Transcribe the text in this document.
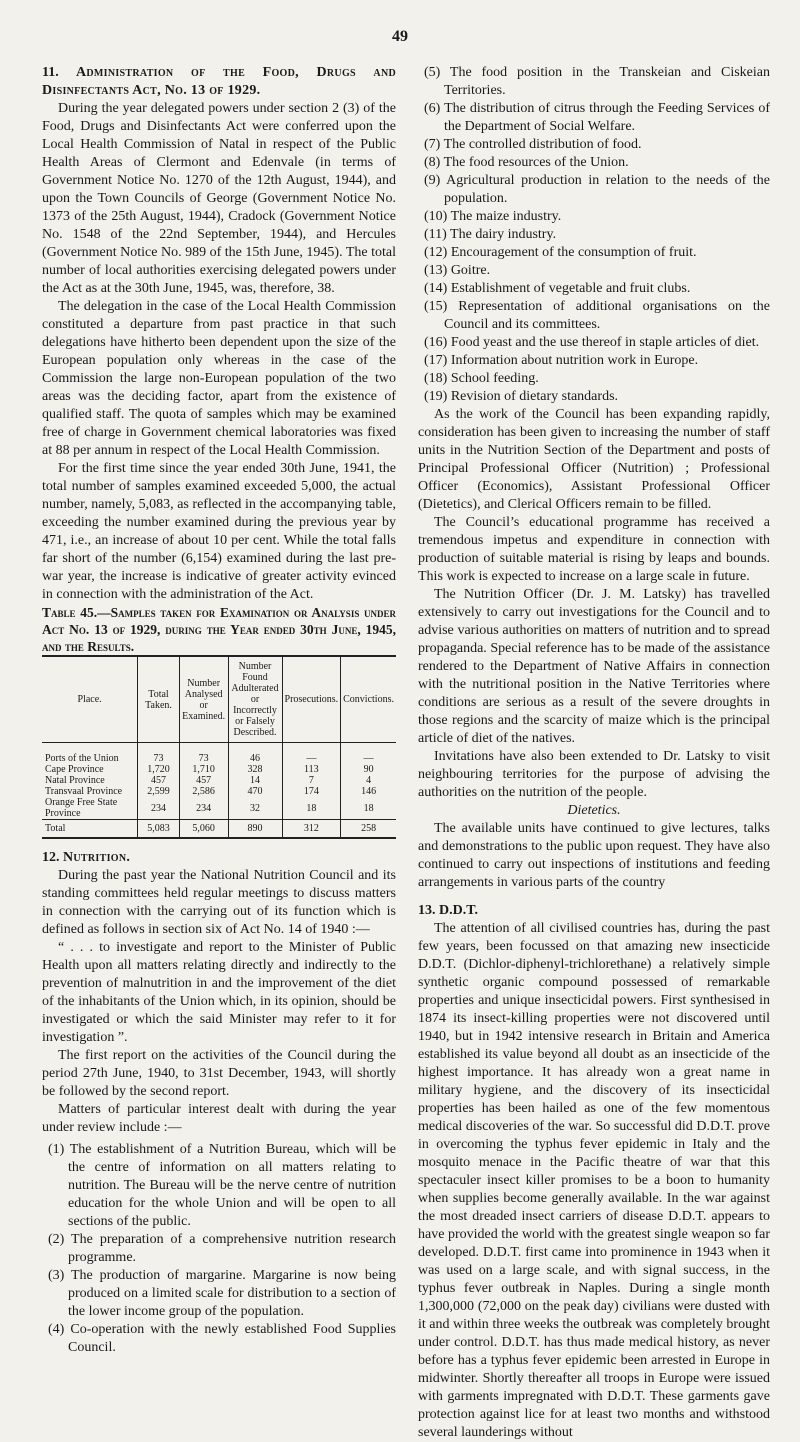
49

11. Administration of the Food, Drugs and Disinfectants Act, No. 13 of 1929.

During the year delegated powers under section 2 (3) of the Food, Drugs and Disinfectants Act were conferred upon the Local Health Commission of Natal in respect of the Public Health Areas of Clermont and Edenvale (in terms of Government Notice No. 1270 of the 12th August, 1944), and upon the Town Councils of George (Government Notice No. 1373 of the 25th August, 1944), Cradock (Government Notice No. 1548 of the 22nd September, 1944), and Hercules (Government Notice No. 989 of the 15th June, 1945). The total number of local authorities exercising delegated powers under the Act as at the 30th June, 1945, was, therefore, 38.

The delegation in the case of the Local Health Commission constituted a departure from past practice in that such delegations have hitherto been dependent upon the size of the European population only whereas in the case of the Commission the large non-European population of the two areas was the deciding factor, apart from the existence of qualified staff. The quota of samples which may be examined free of charge in Government chemical laboratories was fixed at 88 per annum in respect of the Local Health Commission.

For the first time since the year ended 30th June, 1941, the total number of samples examined exceeded 5,000, the actual number, namely, 5,083, as reflected in the accompanying table, exceeding the number examined during the previous year by 471, i.e., an increase of about 10 per cent. While the total falls far short of the number (6,154) examined during the last pre-war year, the increase is indicative of greater activity evinced in connection with the administration of the Act.

Table 45.—Samples taken for Examination or Analysis under Act No. 13 of 1929, during the Year ended 30th June, 1945, and the Results.

Place.	Total Taken.	Number Analysed or Examined.	Number Found Adulterated or Incorrectly or Falsely Described.	Prosecutions.	Convictions.
Ports of the Union	73	73	46	—	—
Cape Province	1,720	1,710	328	113	90
Natal Province	457	457	14	7	4
Transvaal Province	2,599	2,586	470	174	146
Orange Free State Province	234	234	32	18	18
Total	5,083	5,060	890	312	258

12. Nutrition.

During the past year the National Nutrition Council and its standing committees held regular meetings to discuss matters in connection with the carrying out of its function which is defined as follows in section six of Act No. 14 of 1940 :—

“ . . . to investigate and report to the Minister of Public Health upon all matters relating directly and indirectly to the prevention of malnutrition in and the improvement of the diet of the inhabitants of the Union which, in its opinion, should be investigated or which the said Minister may refer to it for investigation ”.

The first report on the activities of the Council during the period 27th June, 1940, to 31st December, 1943, will shortly be followed by the second report.

Matters of particular interest dealt with during the year under review include :—

(1) The establishment of a Nutrition Bureau, which will be the centre of information on all matters relating to nutrition. The Bureau will be the nerve centre of nutrition education for the whole Union and will be open to all sections of the public.
(2) The preparation of a comprehensive nutrition research programme.
(3) The production of margarine. Margarine is now being produced on a limited scale for distribution to a section of the lower income group of the population.
(4) Co-operation with the newly established Food Supplies Council.
(5) The food position in the Transkeian and Ciskeian Territories.
(6) The distribution of citrus through the Feeding Services of the Department of Social Welfare.
(7) The controlled distribution of food.
(8) The food resources of the Union.
(9) Agricultural production in relation to the needs of the population.
(10) The maize industry.
(11) The dairy industry.
(12) Encouragement of the consumption of fruit.
(13) Goitre.
(14) Establishment of vegetable and fruit clubs.
(15) Representation of additional organisations on the Council and its committees.
(16) Food yeast and the use thereof in staple articles of diet.
(17) Information about nutrition work in Europe.
(18) School feeding.
(19) Revision of dietary standards.

As the work of the Council has been expanding rapidly, consideration has been given to increasing the number of staff units in the Nutrition Section of the Department and posts of Principal Professional Officer (Nutrition) ; Professional Officer (Economics), Assistant Professional Officer (Dietetics), and Clerical Officers remain to be filled.

The Council’s educational programme has received a tremendous impetus and expenditure in connection with production of suitable material is rising by leaps and bounds. This work is expected to increase on a large scale in future.

The Nutrition Officer (Dr. J. M. Latsky) has travelled extensively to carry out investigations for the Council and to advise various authorities on matters of nutrition and to spread propaganda. Special reference has to be made of the assistance rendered to the Department of Native Affairs in connection with the nutritional position in the Native Territories where conditions are serious as a result of the severe droughts in those regions and the scarcity of maize which is the principal article of diet of the natives.

Invitations have also been extended to Dr. Latsky to visit neighbouring territories for the purpose of advising the authorities on the nutrition of the people.

Dietetics.

The available units have continued to give lectures, talks and demonstrations to the public upon request. They have also continued to carry out inspections of institutions and feeding arrangements in various parts of the country

13. D.D.T.

The attention of all civilised countries has, during the past few years, been focussed on that amazing new insecticide D.D.T. (Dichlor-diphenyl-trichlorethane) a relatively simple synthetic organic compound possessed of remarkable properties and unique insecticidal powers. First synthesised in 1874 its insect-killing properties were not discovered until 1940, but in 1942 intensive research in Britain and America established its value beyond all doubt as an insecticide of the highest importance. It has already won a great name in military hygiene, and the discovery of its insecticidal properties has been hailed as one of the few momentous medical discoveries of the war. So successful did D.D.T. prove in overcoming the typhus fever epidemic in Italy and the mosquito menace in the Pacific theatre of war that this spectaculer insect killer promises to be a boon to humanity when supplies become generally available. In the war against the most dreaded insect carriers of disease D.D.T. appears to have provided the world with the greatest single weapon so far developed. D.D.T. first came into prominence in 1943 when it was used on a large scale, and with signal success, in the typhus fever outbreak in Naples. During a single month 1,300,000 (72,000 on the peak day) civilians were dusted with it and within three weeks the outbreak was completely brought under control. D.D.T. has thus made medical history, as never before has a typhus fever epidemic been arrested in Europe in midwinter. Shortly thereafter all troops in Europe were issued with garments impregnated with D.D.T. These garments gave protection against lice for at least two months and withstood several launderings without
